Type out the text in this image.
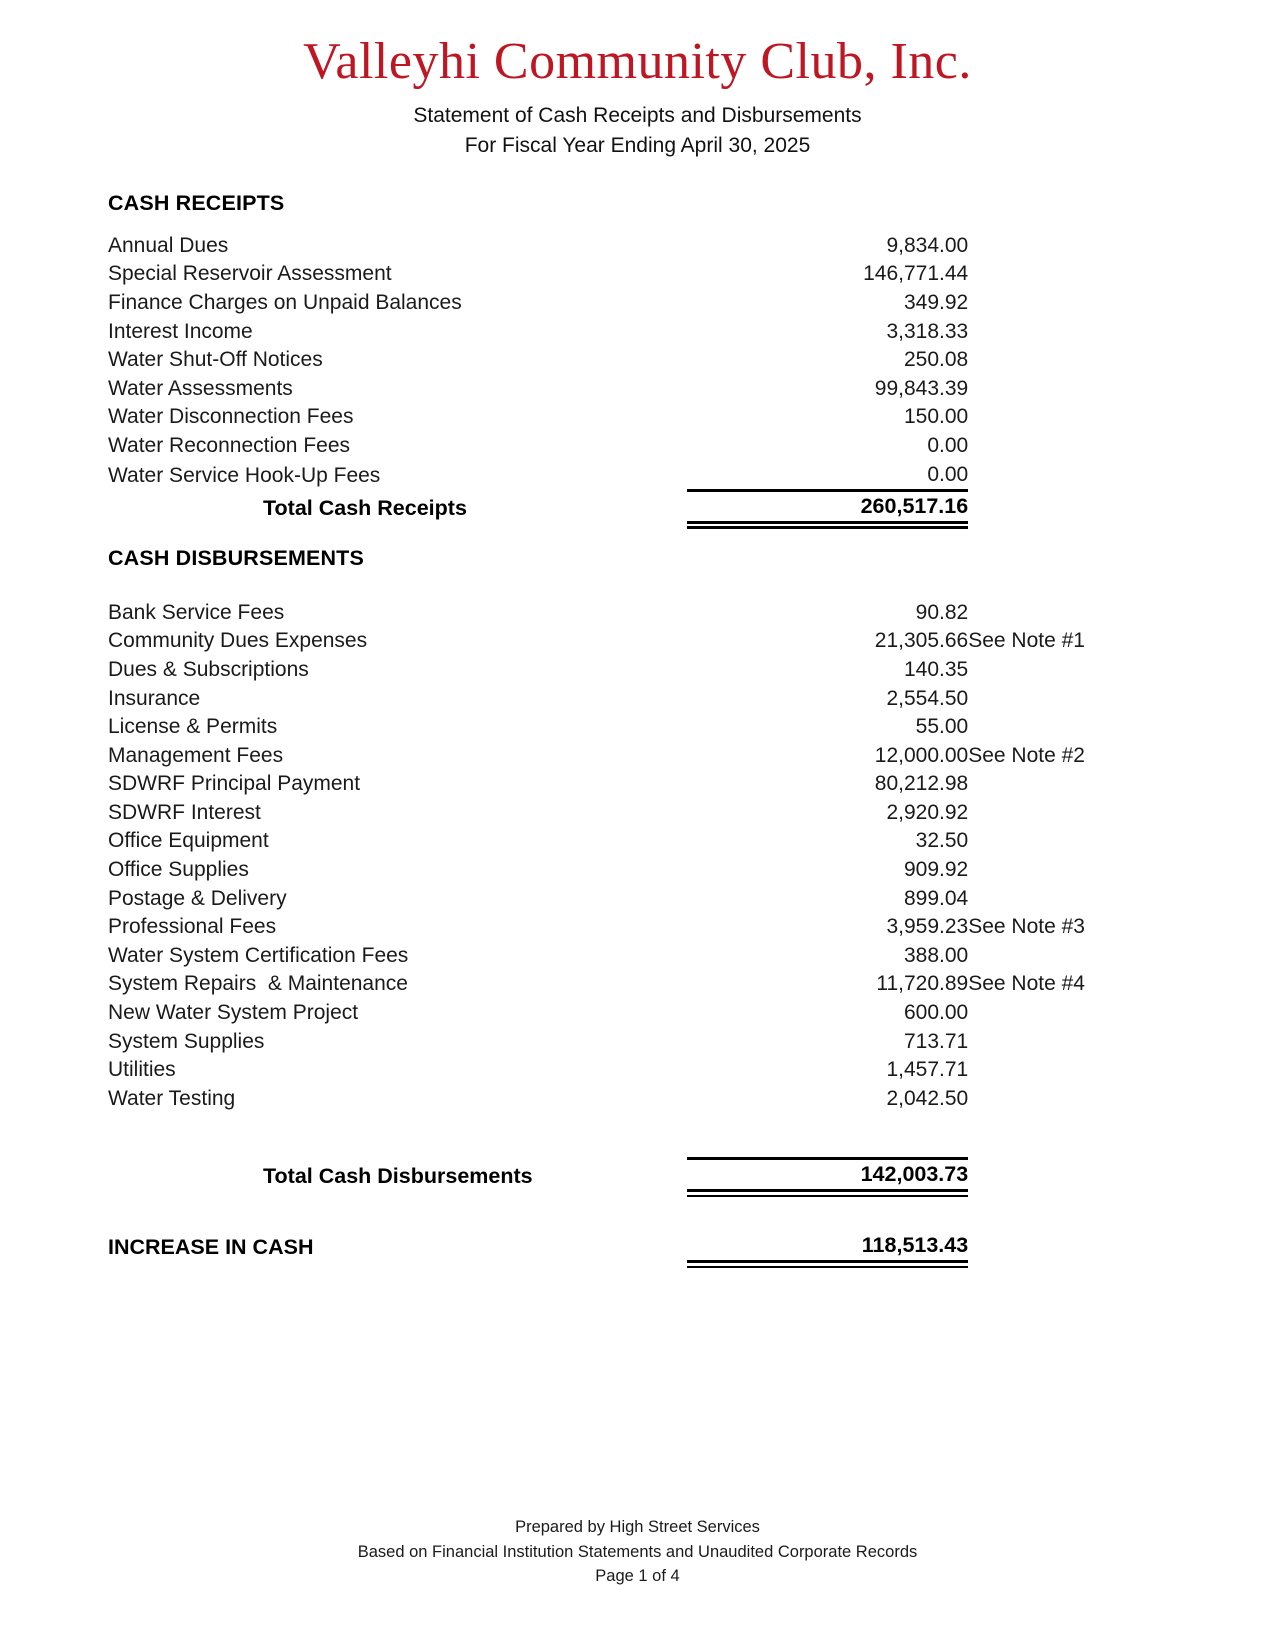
Valleyhi Community Club, Inc.
Statement of Cash Receipts and Disbursements
For Fiscal Year Ending April 30, 2025
CASH RECEIPTS
Annual Dues	9,834.00	
Special Reservoir Assessment	146,771.44	
Finance Charges on Unpaid Balances	349.92	
Interest Income	3,318.33	
Water Shut-Off Notices	250.08	
Water Assessments	99,843.39	
Water Disconnection Fees	150.00	
Water Reconnection Fees	0.00	
Water Service Hook-Up Fees	0.00	
Total Cash Receipts	260,517.16	
CASH DISBURSEMENTS
Bank Service Fees	90.82	
Community Dues Expenses	21,305.66	See Note #1
Dues & Subscriptions	140.35	
Insurance	2,554.50	
License & Permits	55.00	
Management Fees	12,000.00	See Note #2
SDWRF Principal Payment	80,212.98	
SDWRF Interest	2,920.92	
Office Equipment	32.50	
Office Supplies	909.92	
Postage & Delivery	899.04	
Professional Fees	3,959.23	See Note #3
Water System Certification Fees	388.00	
System Repairs  & Maintenance	11,720.89	See Note #4
New Water System Project	600.00	
System Supplies	713.71	
Utilities	1,457.71	
Water Testing	2,042.50	

Total Cash Disbursements	142,003.73	
INCREASE IN CASH	118,513.43	
Prepared by High Street Services
Based on Financial Institution Statements and Unaudited Corporate Records
Page 1 of 4
